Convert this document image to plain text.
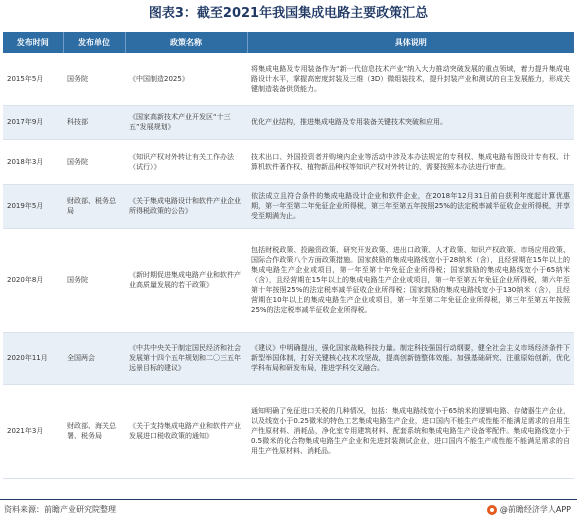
图表3：截至2021年我国集成电路主要政策汇总
发布时间	发布单位	政策名称	具体说明
2015年5月	国务院	《中国制造2025》	将集成电路及专用装备作为“新一代信息技术产业”纳入大力推动突破发展的重点领域，着力提升集成电路设计水平，掌握高密度封装及三维（3D）微组装技术，提升封装产业和测试的自主发展能力，形成关键制造装备供货能力。
2017年9月	科技部	《国家高新技术产业开发区“十三五”发展规划》	优化产业结构，推进集成电路及专用装备关键技术突破和应用。
2018年3月	国务院	《知识产权对外转让有关工作办法（试行）》	技术出口、外国投资者并购境内企业等活动中涉及本办法规定的专利权、集成电路布图设计专有权、计算机软件著作权、植物新品种权等知识产权对外转让的，需要按照本办法进行审查。
2019年5月	财政部、税务总局	《关于集成电路设计和软件产业企业所得税政策的公告》	依法成立且符合条件的集成电路设计企业和软件企业，在2018年12月31日前自获利年度起计算优惠期，第一年至第二年免征企业所得税，第三年至第五年按照25%的法定税率减半征收企业所得税，并享受至期满为止。
2020年8月	国务院	《新时期促进集成电路产业和软件产业高质量发展的若干政策》	包括财税政策、投融资政策、研究开发政策、进出口政策、人才政策、知识产权政策、市场应用政策、国际合作政策八个方面政策措施。国家鼓励的集成电路线宽小于28纳米（含），且经营期在15年以上的集成电路生产企业或项目，第一年至第十年免征企业所得税；国家鼓励的集成电路线宽小于65纳米（含），且经营期在15年以上的集成电路生产企业或项目，第一年至第五年免征企业所得税，第六年至第十年按照25%的法定税率减半征收企业所得税；国家鼓励的集成电路线宽小于130纳米（含），且经营期在10年以上的集成电路生产企业或项目，第一年至第二年免征企业所得税，第三年至第五年按照25%的法定税率减半征收企业所得税。
2020年11月	全国两会	《中共中央关于制定国民经济和社会发展第十四个五年规划和二〇三五年远景目标的建议》	《建议》中明确提出，强化国家战略科技力量。制定科技强国行动纲要，健全社会主义市场经济条件下新型举国体制，打好关键核心技术攻坚战，提高创新链整体效能。加强基础研究、注重原始创新，优化学科布局和研发布局，推进学科交叉融合。
2021年3月	财政部、海关总署、税务局	《关于支持集成电路产业和软件产业发展进口税收政策的通知》	通知明确了免征进口关税的几种情况，包括：集成电路线宽小于65纳米的逻辑电路、存储器生产企业，以及线宽小于0.25微米的特色工艺集成电路生产企业，进口国内不能生产或性能不能满足需求的自用生产性原材料、消耗品，净化室专用建筑材料、配套系统和集成电路生产设备零配件。集成电路线宽小于0.5微米的化合物集成电路生产企业和先进封装测试企业，进口国内不能生产或性能不能满足需求的自用生产性原材料、消耗品。
资料来源：前瞻产业研究院整理	@前瞻经济学人APP
